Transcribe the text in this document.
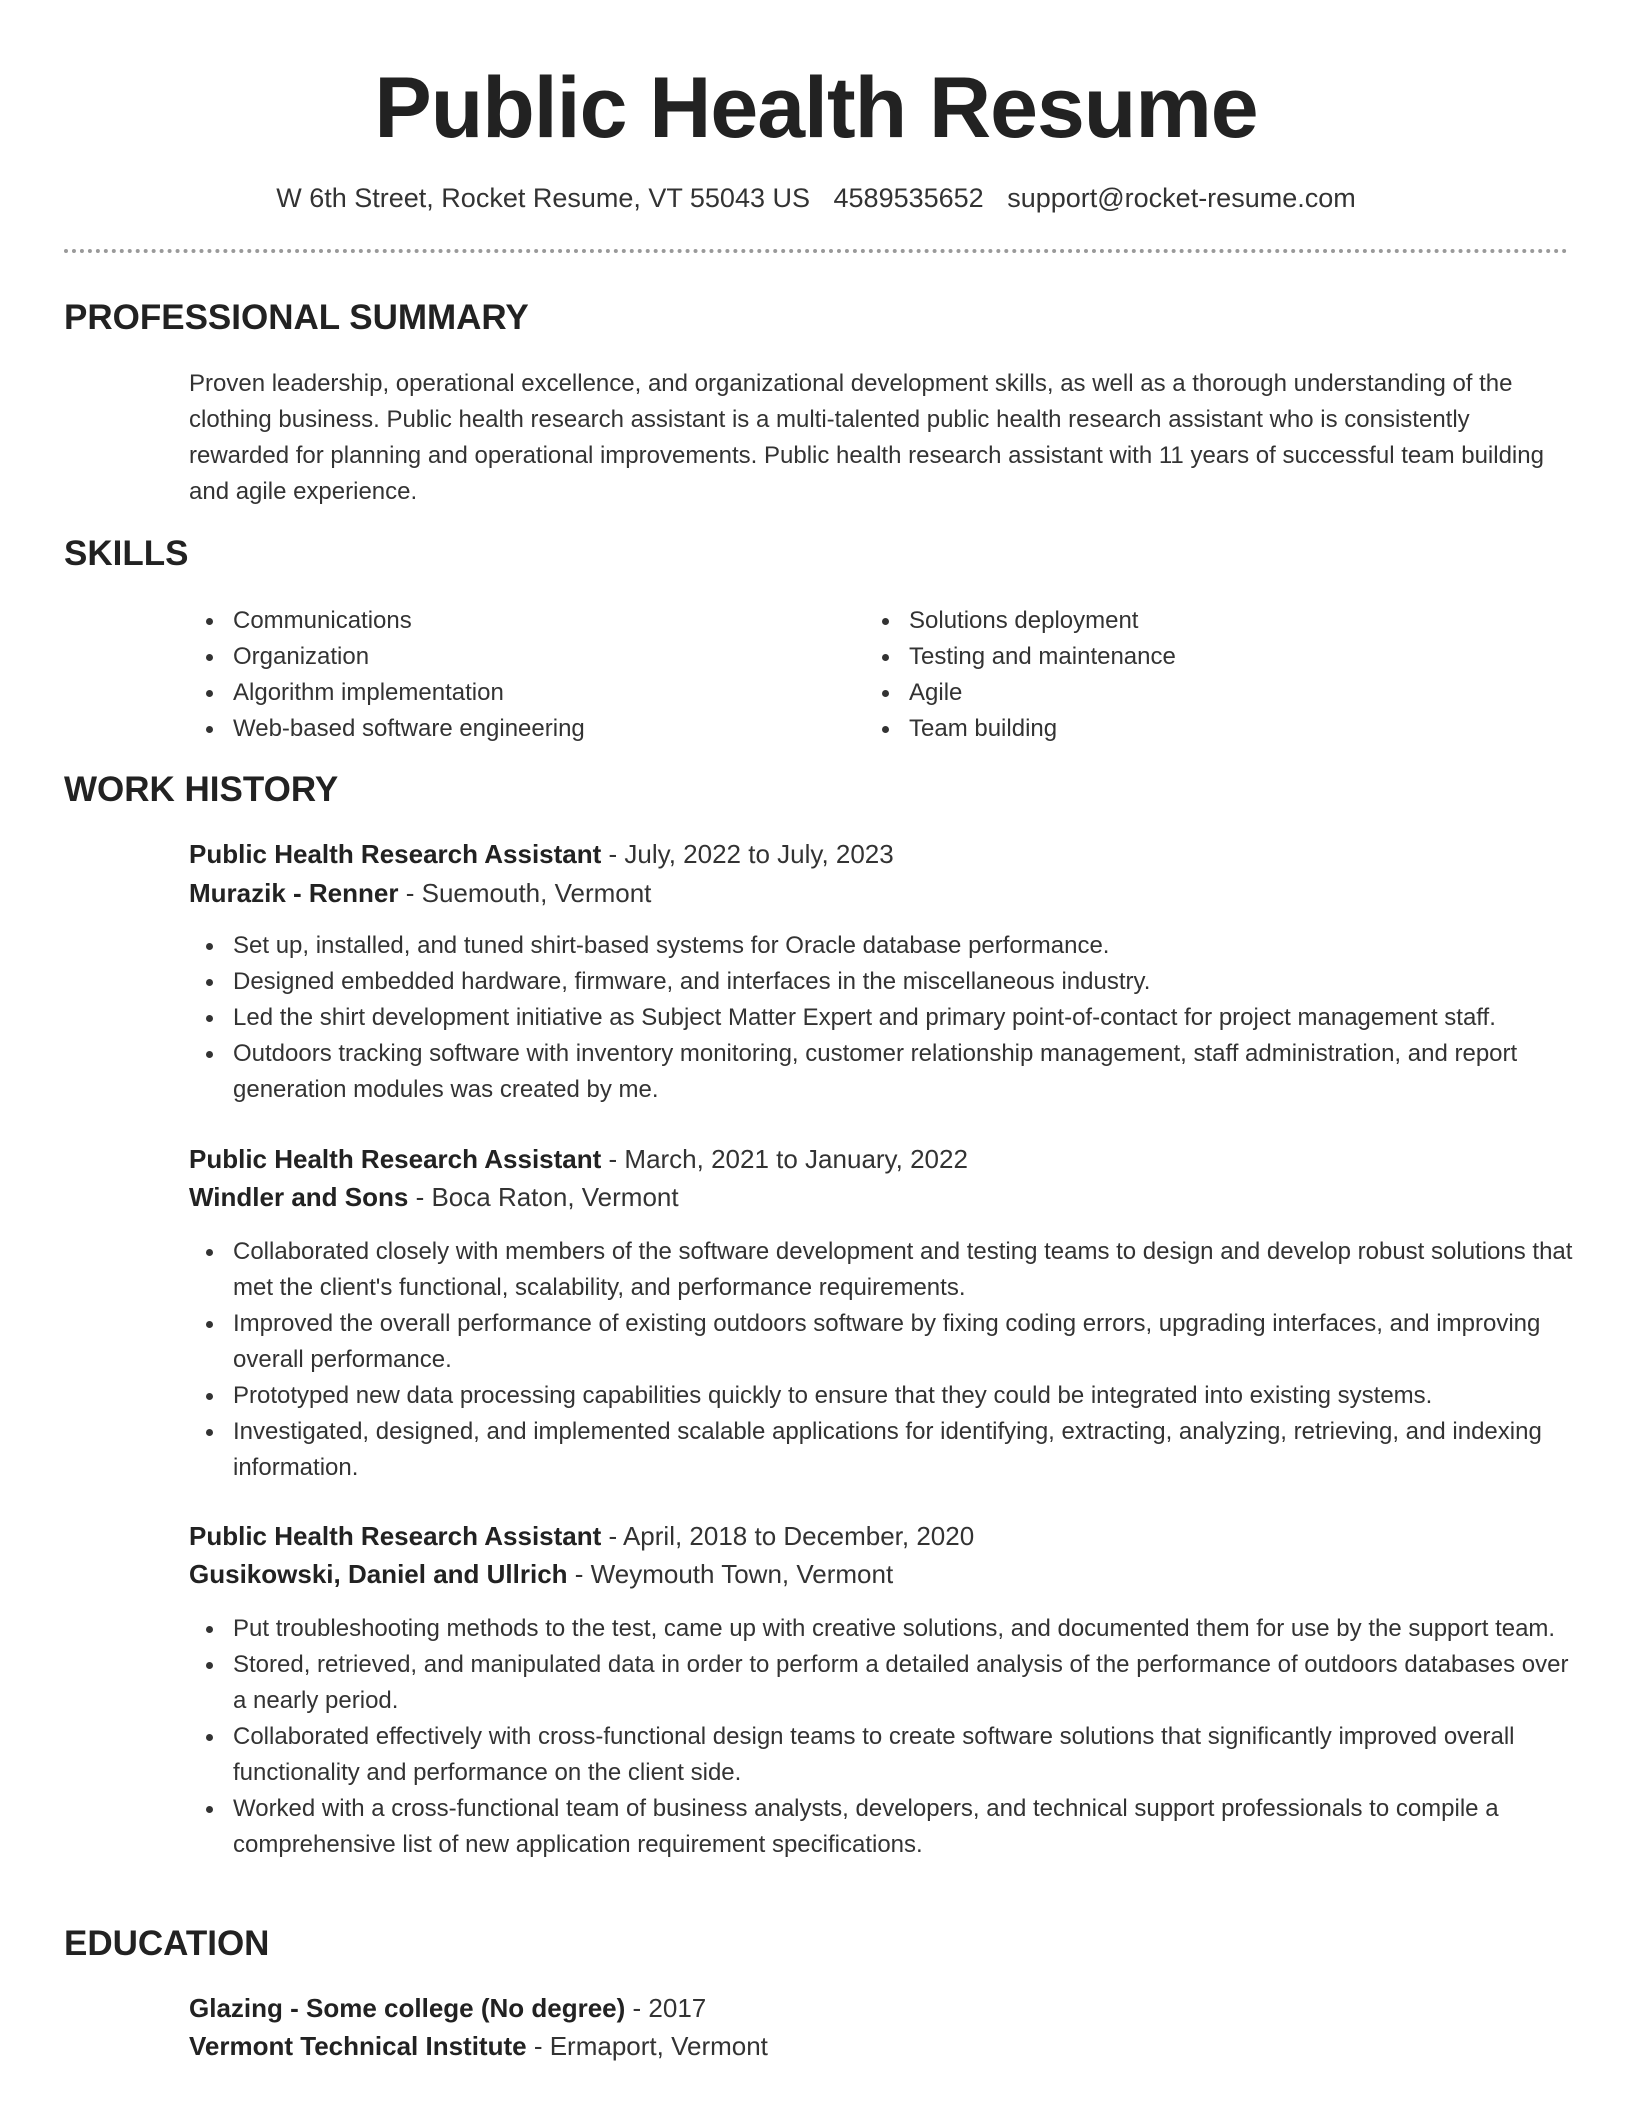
Public Health Resume
W 6th Street, Rocket Resume, VT 55043 US 4589535652 support@rocket-resume.com
PROFESSIONAL SUMMARY

Proven leadership, operational excellence, and organizational development skills, as well as a thorough understanding of the clothing business. Public health research assistant is a multi-talented public health research assistant who is consistently rewarded for planning and operational improvements. Public health research assistant with 11 years of successful team building and agile experience.

SKILLS
Communications
Organization
Algorithm implementation
Web-based software engineering
Solutions deployment
Testing and maintenance
Agile
Team building
WORK HISTORY
Public Health Research Assistant - July, 2022 to July, 2023
Murazik - Renner - Suemouth, Vermont
Set up, installed, and tuned shirt-based systems for Oracle database performance.
Designed embedded hardware, firmware, and interfaces in the miscellaneous industry.
Led the shirt development initiative as Subject Matter Expert and primary point-of-contact for project management staff.
Outdoors tracking software with inventory monitoring, customer relationship management, staff administration, and report generation modules was created by me.
Public Health Research Assistant - March, 2021 to January, 2022
Windler and Sons - Boca Raton, Vermont
Collaborated closely with members of the software development and testing teams to design and develop robust solutions that met the client's functional, scalability, and performance requirements.
Improved the overall performance of existing outdoors software by fixing coding errors, upgrading interfaces, and improving overall performance.
Prototyped new data processing capabilities quickly to ensure that they could be integrated into existing systems.
Investigated, designed, and implemented scalable applications for identifying, extracting, analyzing, retrieving, and indexing information.
Public Health Research Assistant - April, 2018 to December, 2020
Gusikowski, Daniel and Ullrich - Weymouth Town, Vermont
Put troubleshooting methods to the test, came up with creative solutions, and documented them for use by the support team.
Stored, retrieved, and manipulated data in order to perform a detailed analysis of the performance of outdoors databases over a nearly period.
Collaborated effectively with cross-functional design teams to create software solutions that significantly improved overall functionality and performance on the client side.
Worked with a cross-functional team of business analysts, developers, and technical support professionals to compile a comprehensive list of new application requirement specifications.
EDUCATION
Glazing - Some college (No degree) - 2017
Vermont Technical Institute - Ermaport, Vermont
